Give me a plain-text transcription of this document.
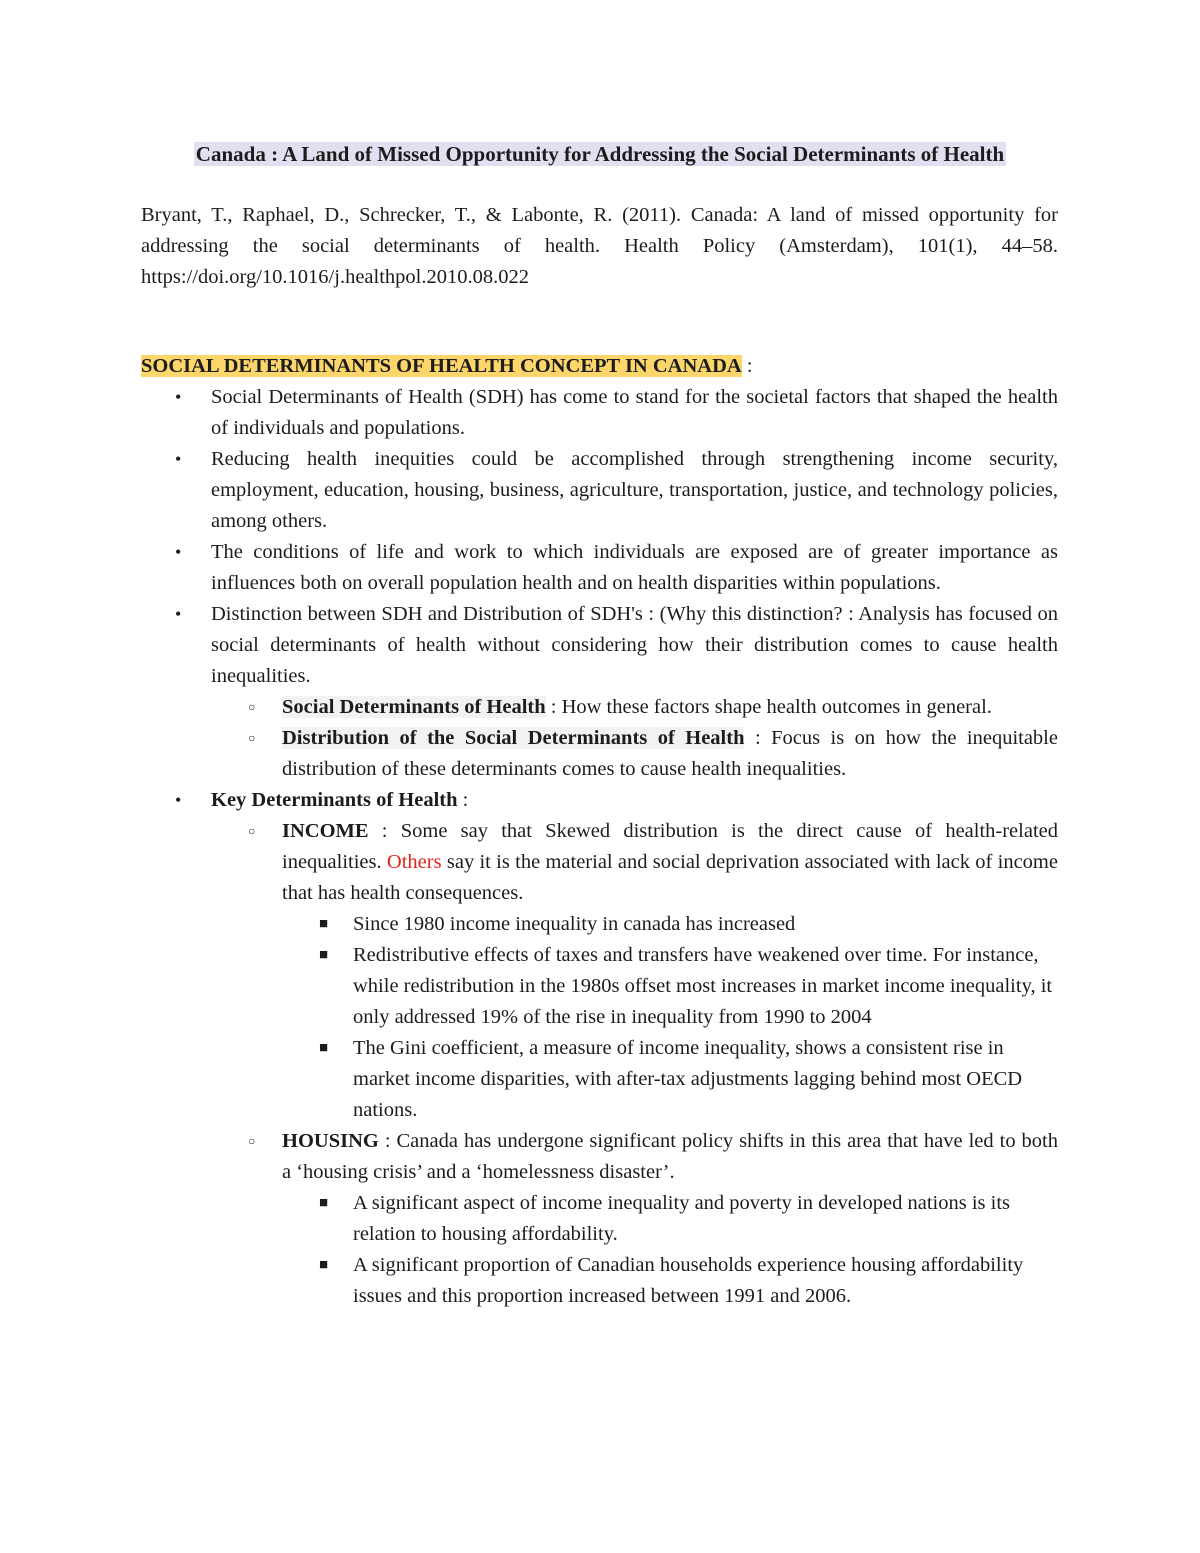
Canada : A Land of Missed Opportunity for Addressing the Social Determinants of Health
Bryant, T., Raphael, D., Schrecker, T., & Labonte, R. (2011). Canada: A land of missed opportunity for addressing the social determinants of health. Health Policy (Amsterdam), 101(1), 44–58. https://doi.org/10.1016/j.healthpol.2010.08.022
SOCIAL DETERMINANTS OF HEALTH CONCEPT IN CANADA :
• Social Determinants of Health (SDH) has come to stand for the societal factors that shaped the health of individuals and populations.
• Reducing health inequities could be accomplished through strengthening income security, employment, education, housing, business, agriculture, transportation, justice, and technology policies, among others.
• The conditions of life and work to which individuals are exposed are of greater importance as influences both on overall population health and on health disparities within populations.
• Distinction between SDH and Distribution of SDH's : (Why this distinction? : Analysis has focused on social determinants of health without considering how their distribution comes to cause health inequalities.
○ Social Determinants of Health : How these factors shape health outcomes in general.
○ Distribution of the Social Determinants of Health : Focus is on how the inequitable distribution of these determinants comes to cause health inequalities.
• Key Determinants of Health :
○ INCOME : Some say that Skewed distribution is the direct cause of health-related inequalities. Others say it is the material and social deprivation associated with lack of income that has health consequences.
■ Since 1980 income inequality in canada has increased
■ Redistributive effects of taxes and transfers have weakened over time. For instance, while redistribution in the 1980s offset most increases in market income inequality, it only addressed 19% of the rise in inequality from 1990 to 2004
■ The Gini coefficient, a measure of income inequality, shows a consistent rise in market income disparities, with after-tax adjustments lagging behind most OECD nations.
○ HOUSING : Canada has undergone significant policy shifts in this area that have led to both a ‘housing crisis’ and a ‘homelessness disaster’.
■ A significant aspect of income inequality and poverty in developed nations is its relation to housing affordability.
■ A significant proportion of Canadian households experience housing affordability issues and this proportion increased between 1991 and 2006.
